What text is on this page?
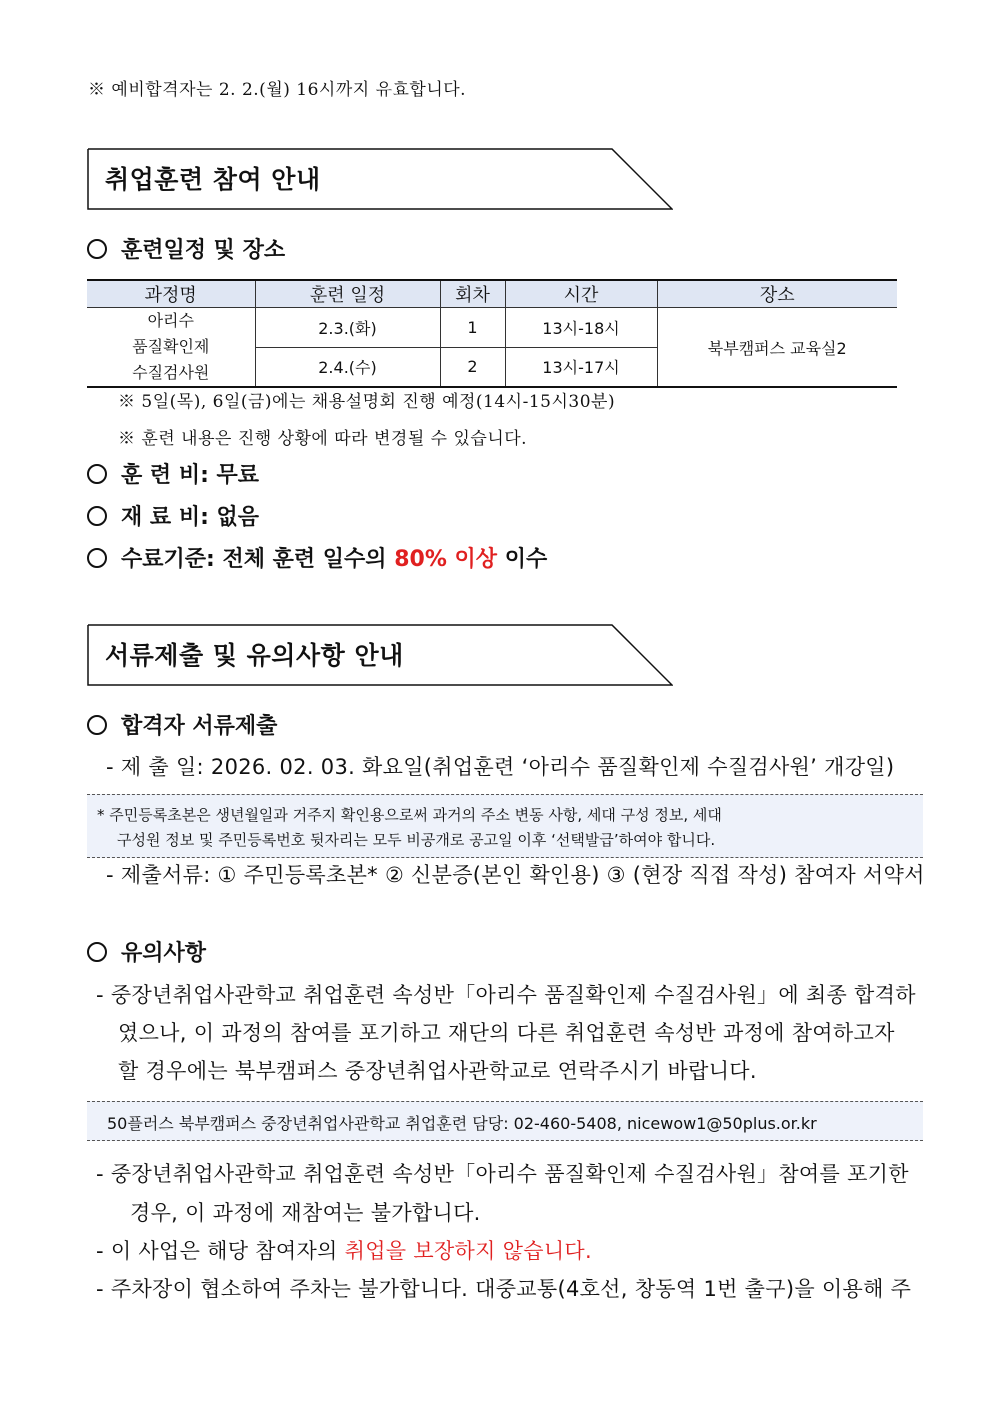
※ 예비합격자는 2. 2.(월) 16시까지 유효합니다.
취업훈련 참여 안내
훈련일정 및 장소
과정명	훈련 일정	회차	시간	장소

아리수
품질확인제
수질검사원	2.3.(화)	1	13시-18시	북부캠퍼스 교육실2
	2.4.(수)	2	13시-17시	
※ 5일(목), 6일(금)에는 채용설명회 진행 예정(14시-15시30분)
※ 훈련 내용은 진행 상황에 따라 변경될 수 있습니다.
훈 련 비: 무료
재 료 비: 없음
수료기준: 전체 훈련 일수의 80% 이상 이수
서류제출 및 유의사항 안내
합격자 서류제출
- 제 출 일: 2026. 02. 03. 화요일(취업훈련 ‘아리수 품질확인제 수질검사원’ 개강일)
* 주민등록초본은 생년월일과 거주지 확인용으로써 과거의 주소 변동 사항, 세대 구성 정보, 세대
구성원 정보 및 주민등록번호 뒷자리는 모두 비공개로 공고일 이후 ‘선택발급’하여야 합니다.
- 제출서류: ① 주민등록초본* ② 신분증(본인 확인용) ③ (현장 직접 작성) 참여자 서약서
유의사항
- 중장년취업사관학교 취업훈련 속성반「아리수 품질확인제 수질검사원」에 최종 합격하
였으나, 이 과정의 참여를 포기하고 재단의 다른 취업훈련 속성반 과정에 참여하고자
할 경우에는 북부캠퍼스 중장년취업사관학교로 연락주시기 바랍니다.
50플러스 북부캠퍼스 중장년취업사관학교 취업훈련 담당: 02-460-5408, nicewow1@50plus.or.kr
- 중장년취업사관학교 취업훈련 속성반「아리수 품질확인제 수질검사원」참여를 포기한
경우, 이 과정에 재참여는 불가합니다.
- 이 사업은 해당 참여자의 취업을 보장하지 않습니다.
- 주차장이 협소하여 주차는 불가합니다. 대중교통(4호선, 창동역 1번 출구)을 이용해 주
